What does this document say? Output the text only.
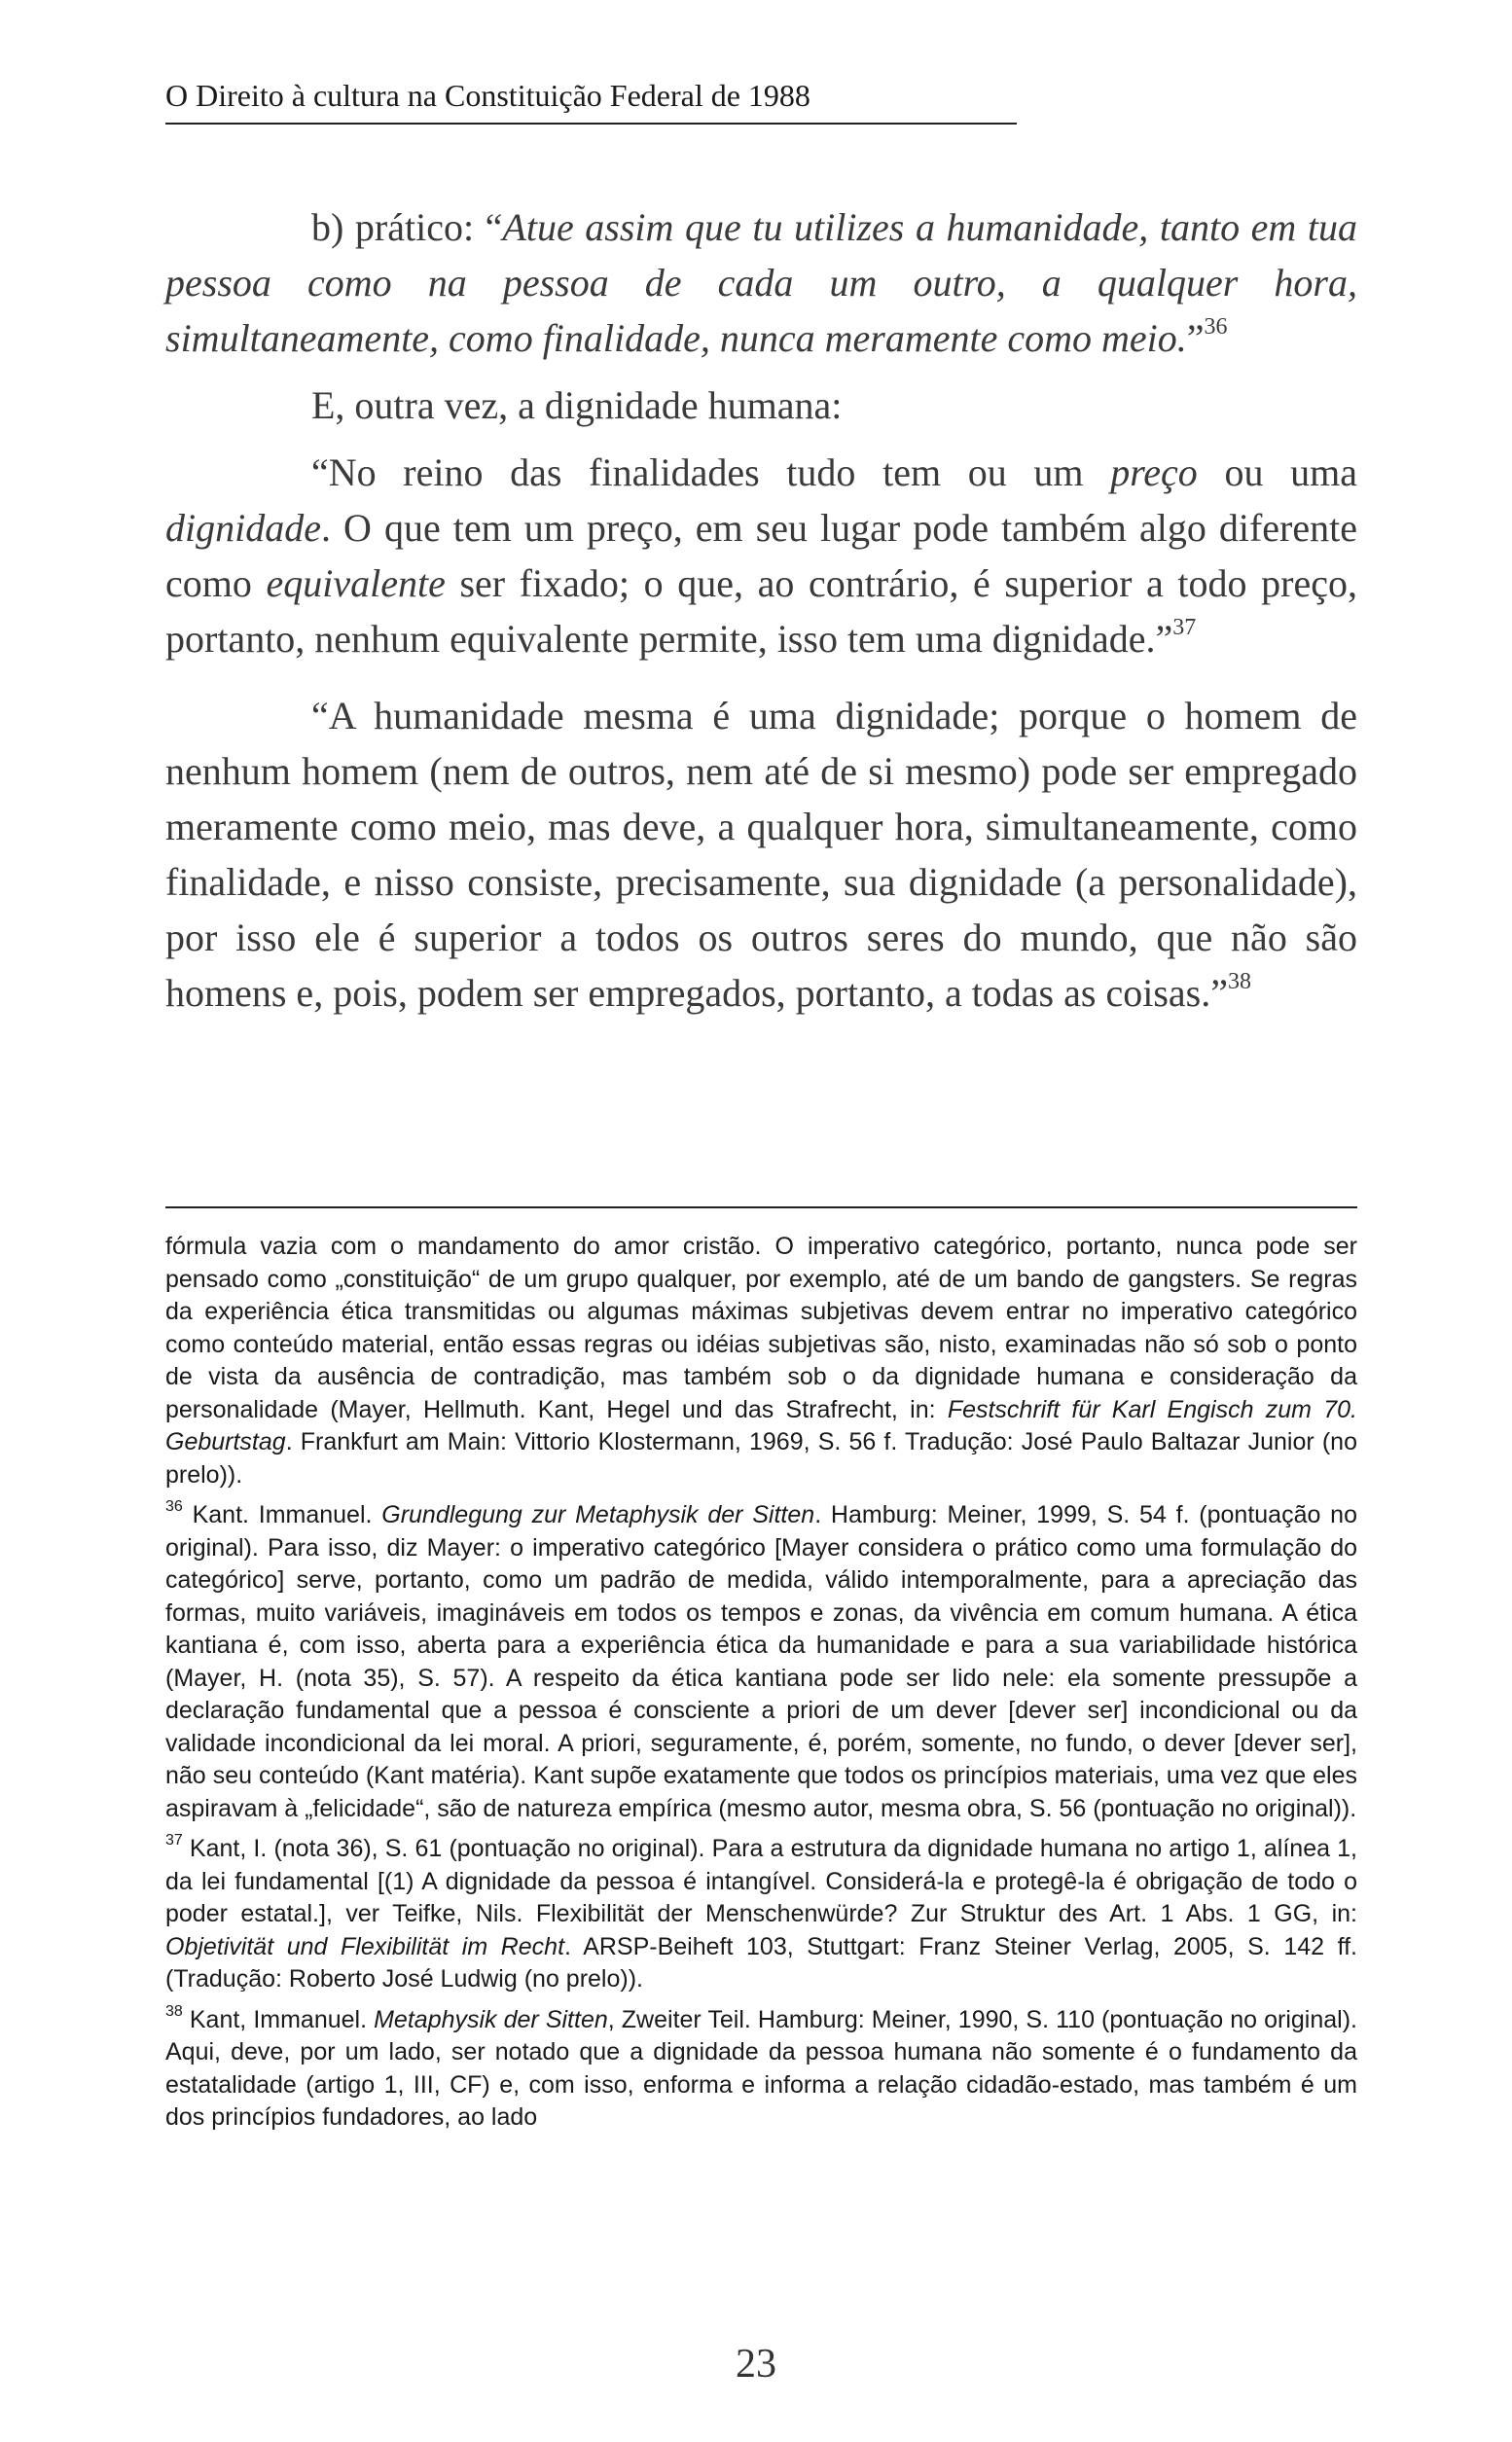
O Direito à cultura na Constituição Federal de 1988

b) prático: “Atue assim que tu utilizes a humanidade, tanto em tua pessoa como na pessoa de cada um outro, a qualquer hora, simultaneamente, como finalidade, nunca meramente como meio.”$^{36}$

E, outra vez, a dignidade humana:

“No reino das finalidades tudo tem ou um preço ou uma dignidade. O que tem um preço, em seu lugar pode também algo diferente como equivalente ser fixado; o que, ao contrário, é superior a todo preço, portanto, nenhum equivalente permite, isso tem uma dignidade.”$^{37}$

“A humanidade mesma é uma dignidade; porque o homem de nenhum homem (nem de outros, nem até de si mesmo) pode ser empregado meramente como meio, mas deve, a qualquer hora, simultaneamente, como finalidade, e nisso consiste, precisamente, sua dignidade (a personalidade), por isso ele é superior a todos os outros seres do mundo, que não são homens e, pois, podem ser empregados, portanto, a todas as coisas.”$^{38}$

fórmula vazia com o mandamento do amor cristão. O imperativo categórico, portanto, nunca pode ser pensado como „constituição“ de um grupo qualquer, por exemplo, até de um bando de gangsters. Se regras da experiência ética transmitidas ou algumas máximas subjetivas devem entrar no imperativo categórico como conteúdo material, então essas regras ou idéias subjetivas são, nisto, examinadas não só sob o ponto de vista da ausência de contradição, mas também sob o da dignidade humana e consideração da personalidade (Mayer, Hellmuth. Kant, Hegel und das Strafrecht, in: Festschrift für Karl Engisch zum 70. Geburtstag. Frankfurt am Main: Vittorio Klostermann, 1969, S. 56 f. Tradução: José Paulo Baltazar Junior (no prelo)).

$^{36}$ Kant. Immanuel. Grundlegung zur Metaphysik der Sitten. Hamburg: Meiner, 1999, S. 54 f. (pontuação no original). Para isso, diz Mayer: o imperativo categórico [Mayer considera o prático como uma formulação do categórico] serve, portanto, como um padrão de medida, válido intemporalmente, para a apreciação das formas, muito variáveis, imagináveis em todos os tempos e zonas, da vivência em comum humana. A ética kantiana é, com isso, aberta para a experiência ética da humanidade e para a sua variabilidade histórica (Mayer, H. (nota 35), S. 57). A respeito da ética kantiana pode ser lido nele: ela somente pressupõe a declaração fundamental que a pessoa é consciente a priori de um dever [dever ser] incondicional ou da validade incondicional da lei moral. A priori, seguramente, é, porém, somente, no fundo, o dever [dever ser], não seu conteúdo (Kant matéria). Kant supõe exatamente que todos os princípios materiais, uma vez que eles aspiravam à „felicidade“, são de natureza empírica (mesmo autor, mesma obra, S. 56 (pontuação no original)).

$^{37}$ Kant, I. (nota 36), S. 61 (pontuação no original). Para a estrutura da dignidade humana no artigo 1, alínea 1, da lei fundamental [(1) A dignidade da pessoa é intangível. Considerá-la e protegê-la é obrigação de todo o poder estatal.], ver Teifke, Nils. Flexibilität der Menschenwürde? Zur Struktur des Art. 1 Abs. 1 GG, in: Objetivität und Flexibilität im Recht. ARSP-Beiheft 103, Stuttgart: Franz Steiner Verlag, 2005, S. 142 ff. (Tradução: Roberto José Ludwig (no prelo)).

$^{38}$ Kant, Immanuel. Metaphysik der Sitten, Zweiter Teil. Hamburg: Meiner, 1990, S. 110 (pontuação no original). Aqui, deve, por um lado, ser notado que a dignidade da pessoa humana não somente é o fundamento da estatalidade (artigo 1, III, CF) e, com isso, enforma e informa a relação cidadão-estado, mas também é um dos princípios fundadores, ao lado

23
